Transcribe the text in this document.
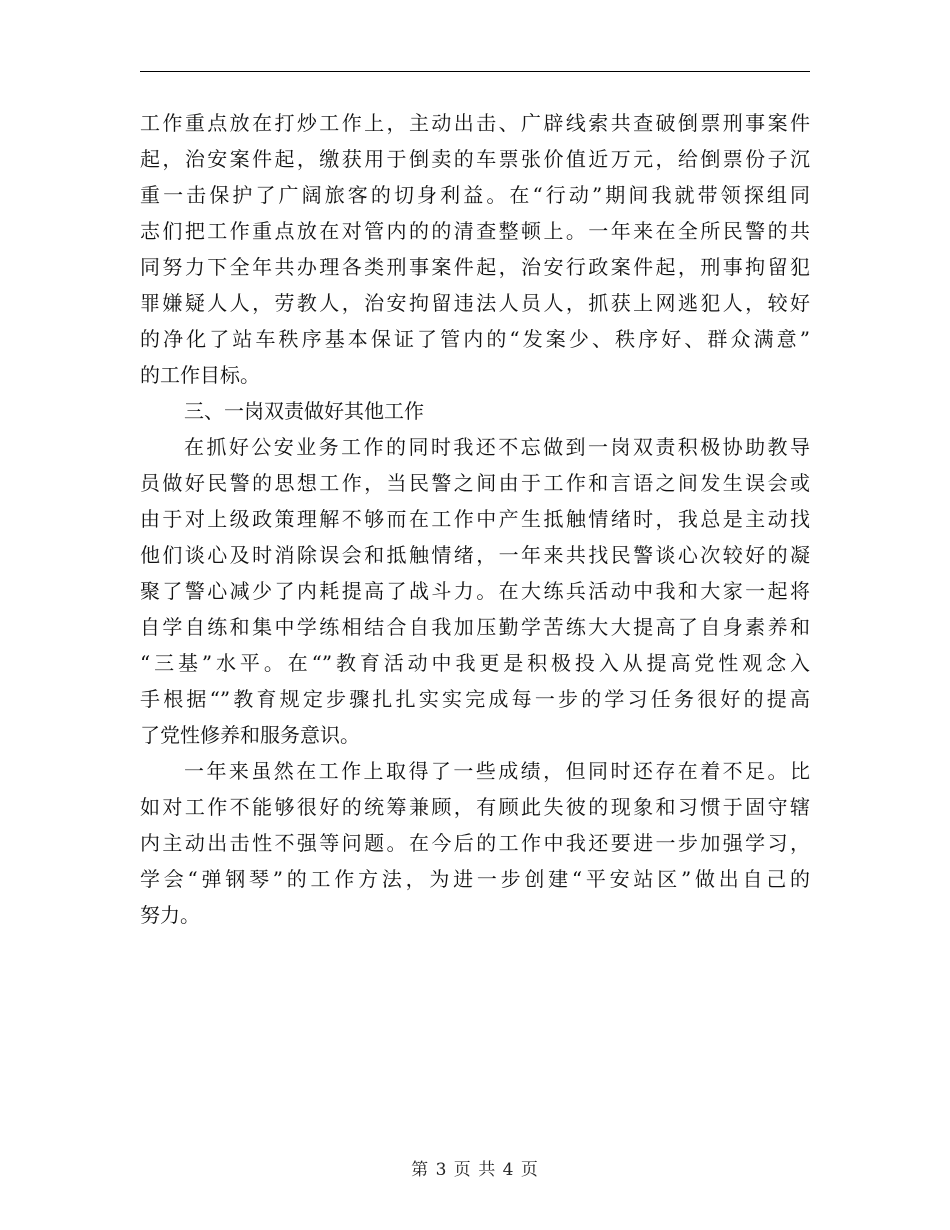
工作重点放在打炒工作上，主动出击、广辟线索共查破倒票刑事案件
起，治安案件起，缴获用于倒卖的车票张价值近万元，给倒票份子沉
重一击保护了广阔旅客的切身利益。在“行动”期间我就带领探组同
志们把工作重点放在对管内的的清查整顿上。一年来在全所民警的共
同努力下全年共办理各类刑事案件起，治安行政案件起，刑事拘留犯
罪嫌疑人人，劳教人，治安拘留违法人员人，抓获上网逃犯人，较好
的净化了站车秩序基本保证了管内的“发案少、秩序好、群众满意”
的工作目标。

三、一岗双责做好其他工作

在抓好公安业务工作的同时我还不忘做到一岗双责积极协助教导
员做好民警的思想工作，当民警之间由于工作和言语之间发生误会或
由于对上级政策理解不够而在工作中产生抵触情绪时，我总是主动找
他们谈心及时消除误会和抵触情绪，一年来共找民警谈心次较好的凝
聚了警心减少了内耗提高了战斗力。在大练兵活动中我和大家一起将
自学自练和集中学练相结合自我加压勤学苦练大大提高了自身素养和
“三基”水平。在“”教育活动中我更是积极投入从提高党性观念入
手根据“”教育规定步骤扎扎实实完成每一步的学习任务很好的提高
了党性修养和服务意识。

一年来虽然在工作上取得了一些成绩，但同时还存在着不足。比
如对工作不能够很好的统筹兼顾，有顾此失彼的现象和习惯于固守辖
内主动出击性不强等问题。在今后的工作中我还要进一步加强学习，
学会“弹钢琴”的工作方法，为进一步创建“平安站区”做出自己的
努力。

第 3 页 共 4 页
